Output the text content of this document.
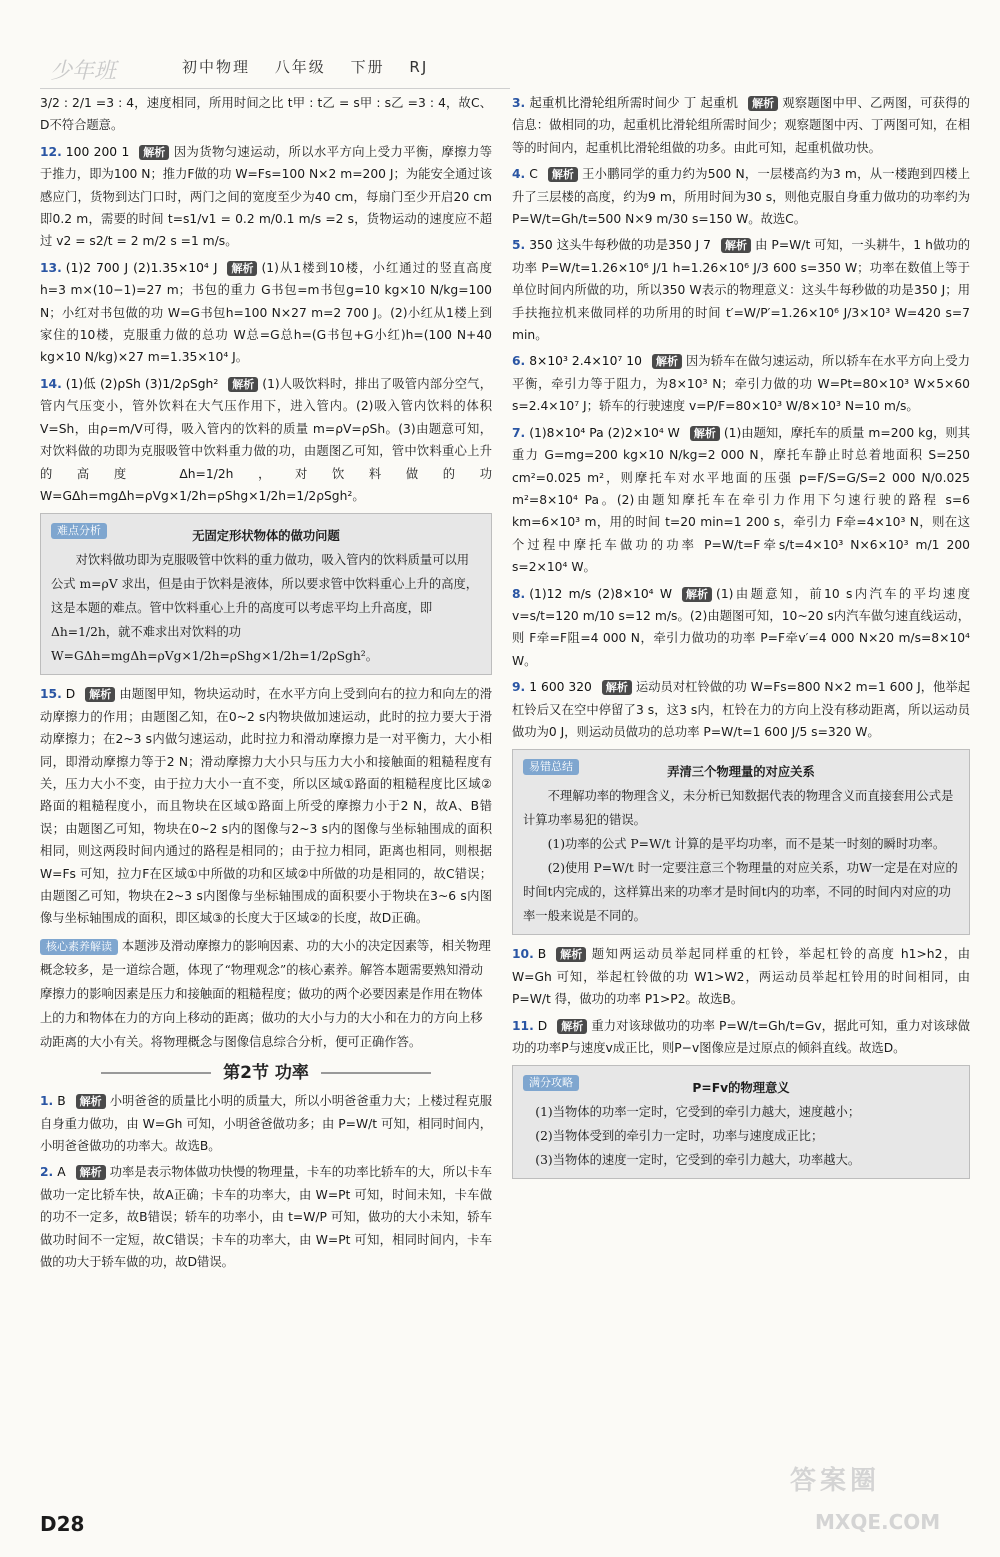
少年班	初中物理 八年级 下册 RJ
3/2 : 2/1 =3 : 4，速度相同，所用时间之比 t甲 : t乙 = s甲 : s乙 =3 : 4，故C、D不符合题意。
12. 100 200 1 解析 因为货物匀速运动，所以水平方向上受力平衡，摩擦力等于推力，即为100 N；推力F做的功 W=Fs=100 N×2 m=200 J；为能安全通过该感应门，货物到达门口时，两门之间的宽度至少为40 cm，每扇门至少开启20 cm即0.2 m，需要的时间 t=s1/v1 = 0.2 m/0.1 m/s =2 s，货物运动的速度应不超过 v2 = s2/t = 2 m/2 s =1 m/s。
13. (1)2 700 J (2)1.35×10⁴ J 解析 (1)从1楼到10楼，小红通过的竖直高度 h=3 m×(10−1)=27 m；书包的重力 G书包=m书包g=10 kg×10 N/kg=100 N；小红对书包做的功 W=G书包h=100 N×27 m=2 700 J。(2)小红从1楼上到家住的10楼，克服重力做的总功 W总=G总h=(G书包+G小红)h=(100 N+40 kg×10 N/kg)×27 m=1.35×10⁴ J。
14. (1)低 (2)ρSh (3)1/2ρSgh² 解析 (1)人吸饮料时，排出了吸管内部分空气，管内气压变小，管外饮料在大气压作用下，进入管内。(2)吸入管内饮料的体积V=Sh，由ρ=m/V可得，吸入管内的饮料的质量 m=ρV=ρSh。(3)由题意可知，对饮料做的功即为克服吸管中饮料重力做的功，由题图乙可知，管中饮料重心上升的高度 Δh=1/2h，对饮料做的功 W=GΔh=mgΔh=ρVg×1/2h=ρShg×1/2h=1/2ρSgh²。
难点分析	无固定形状物体的做功问题
对饮料做功即为克服吸管中饮料的重力做功，吸入管内的饮料质量可以用公式 m=ρV 求出，但是由于饮料是液体，所以要求管中饮料重心上升的高度，这是本题的难点。管中饮料重心上升的高度可以考虑平均上升高度，即 Δh=1/2h，就不难求出对饮料的功 W=GΔh=mgΔh=ρVg×1/2h=ρShg×1/2h=1/2ρSgh²。
15. D 解析 由题图甲知，物块运动时，在水平方向上受到向右的拉力和向左的滑动摩擦力的作用；由题图乙知，在0~2 s内物块做加速运动，此时的拉力要大于滑动摩擦力；在2~3 s内做匀速运动，此时拉力和滑动摩擦力是一对平衡力，大小相同，即滑动摩擦力等于2 N；滑动摩擦力大小只与压力大小和接触面的粗糙程度有关，压力大小不变，由于拉力大小一直不变，所以区域①路面的粗糙程度比区域②路面的粗糙程度小，而且物块在区域①路面上所受的摩擦力小于2 N，故A、B错误；由题图乙可知，物块在0~2 s内的图像与2~3 s内的图像与坐标轴围成的面积相同，则这两段时间内通过的路程是相同的；由于拉力相同，距离也相同，则根据 W=Fs 可知，拉力F在区域①中所做的功和区域②中所做的功是相同的，故C错误；由题图乙可知，物块在2~3 s内图像与坐标轴围成的面积要小于物块在3~6 s内图像与坐标轴围成的面积，即区域③的长度大于区域②的长度，故D正确。
核心素养解读 本题涉及滑动摩擦力的影响因素、功的大小的决定因素等，相关物理概念较多，是一道综合题，体现了“物理观念”的核心素养。解答本题需要熟知滑动摩擦力的影响因素是压力和接触面的粗糙程度；做功的两个必要因素是作用在物体上的力和物体在力的方向上移动的距离；做功的大小与力的大小和在力的方向上移动距离的大小有关。将物理概念与图像信息综合分析，便可正确作答。
第2节 功率
1. B 解析 小明爸爸的质量比小明的质量大，所以小明爸爸重力大；上楼过程克服自身重力做功，由 W=Gh 可知，小明爸爸做功多；由 P=W/t 可知，相同时间内，小明爸爸做功的功率大。故选B。
2. A 解析 功率是表示物体做功快慢的物理量，卡车的功率比轿车的大，所以卡车做功一定比轿车快，故A正确；卡车的功率大，由 W=Pt 可知，时间未知，卡车做的功不一定多，故B错误；轿车的功率小，由 t=W/P 可知，做功的大小未知，轿车做功时间不一定短，故C错误；卡车的功率大，由 W=Pt 可知，相同时间内，卡车做的功大于轿车做的功，故D错误。
3. 起重机比滑轮组所需时间少 丁 起重机 解析 观察题图中甲、乙两图，可获得的信息：做相同的功，起重机比滑轮组所需时间少；观察题图中丙、丁两图可知，在相等的时间内，起重机比滑轮组做的功多。由此可知，起重机做功快。
4. C 解析 王小鹏同学的重力约为500 N，一层楼高约为3 m，从一楼跑到四楼上升了三层楼的高度，约为9 m，所用时间为30 s，则他克服自身重力做功的功率约为 P=W/t=Gh/t=500 N×9 m/30 s=150 W。故选C。
5. 350 这头牛每秒做的功是350 J 7 解析 由 P=W/t 可知，一头耕牛，1 h做功的功率 P=W/t=1.26×10⁶ J/1 h=1.26×10⁶ J/3 600 s=350 W；功率在数值上等于单位时间内所做的功，所以350 W表示的物理意义：这头牛每秒做的功是350 J；用手扶拖拉机来做同样的功所用的时间 t′=W/P′=1.26×10⁶ J/3×10³ W=420 s=7 min。
6. 8×10³ 2.4×10⁷ 10 解析 因为轿车在做匀速运动，所以轿车在水平方向上受力平衡，牵引力等于阻力，为8×10³ N；牵引力做的功 W=Pt=80×10³ W×5×60 s=2.4×10⁷ J；轿车的行驶速度 v=P/F=80×10³ W/8×10³ N=10 m/s。
7. (1)8×10⁴ Pa (2)2×10⁴ W 解析 (1)由题知，摩托车的质量 m=200 kg，则其重力 G=mg=200 kg×10 N/kg=2 000 N，摩托车静止时总着地面积 S=250 cm²=0.025 m²，则摩托车对水平地面的压强 p=F/S=G/S=2 000 N/0.025 m²=8×10⁴ Pa。(2)由题知摩托车在牵引力作用下匀速行驶的路程 s=6 km=6×10³ m，用的时间 t=20 min=1 200 s，牵引力 F牵=4×10³ N，则在这个过程中摩托车做功的功率 P=W/t=F牵s/t=4×10³ N×6×10³ m/1 200 s=2×10⁴ W。
8. (1)12 m/s (2)8×10⁴ W 解析 (1)由题意知，前10 s内汽车的平均速度 v=s/t=120 m/10 s=12 m/s。(2)由题图可知，10~20 s内汽车做匀速直线运动，则 F牵=F阻=4 000 N，牵引力做功的功率 P=F牵v′=4 000 N×20 m/s=8×10⁴ W。
9. 1 600 320 解析 运动员对杠铃做的功 W=Fs=800 N×2 m=1 600 J，他举起杠铃后又在空中停留了3 s，这3 s内，杠铃在力的方向上没有移动距离，所以运动员做功为0 J，则运动员做功的总功率 P=W/t=1 600 J/5 s=320 W。
易错总结	弄清三个物理量的对应关系
不理解功率的物理含义，未分析已知数据代表的物理含义而直接套用公式是计算功率易犯的错误。
(1)功率的公式 P=W/t 计算的是平均功率，而不是某一时刻的瞬时功率。
(2)使用 P=W/t 时一定要注意三个物理量的对应关系，功W一定是在对应的时间t内完成的，这样算出来的功率才是时间t内的功率，不同的时间内对应的功率一般来说是不同的。
10. B 解析 题知两运动员举起同样重的杠铃，举起杠铃的高度 h1>h2，由 W=Gh 可知，举起杠铃做的功 W1>W2，两运动员举起杠铃用的时间相同，由 P=W/t 得，做功的功率 P1>P2。故选B。
11. D 解析 重力对该球做功的功率 P=W/t=Gh/t=Gv，据此可知，重力对该球做功的功率P与速度v成正比，则P−v图像应是过原点的倾斜直线。故选D。
满分攻略	P=Fv的物理意义
(1)当物体的功率一定时，它受到的牵引力越大，速度越小；
(2)当物体受到的牵引力一定时，功率与速度成正比；
(3)当物体的速度一定时，它受到的牵引力越大，功率越大。
D28
答案圈
MXQE.COM
